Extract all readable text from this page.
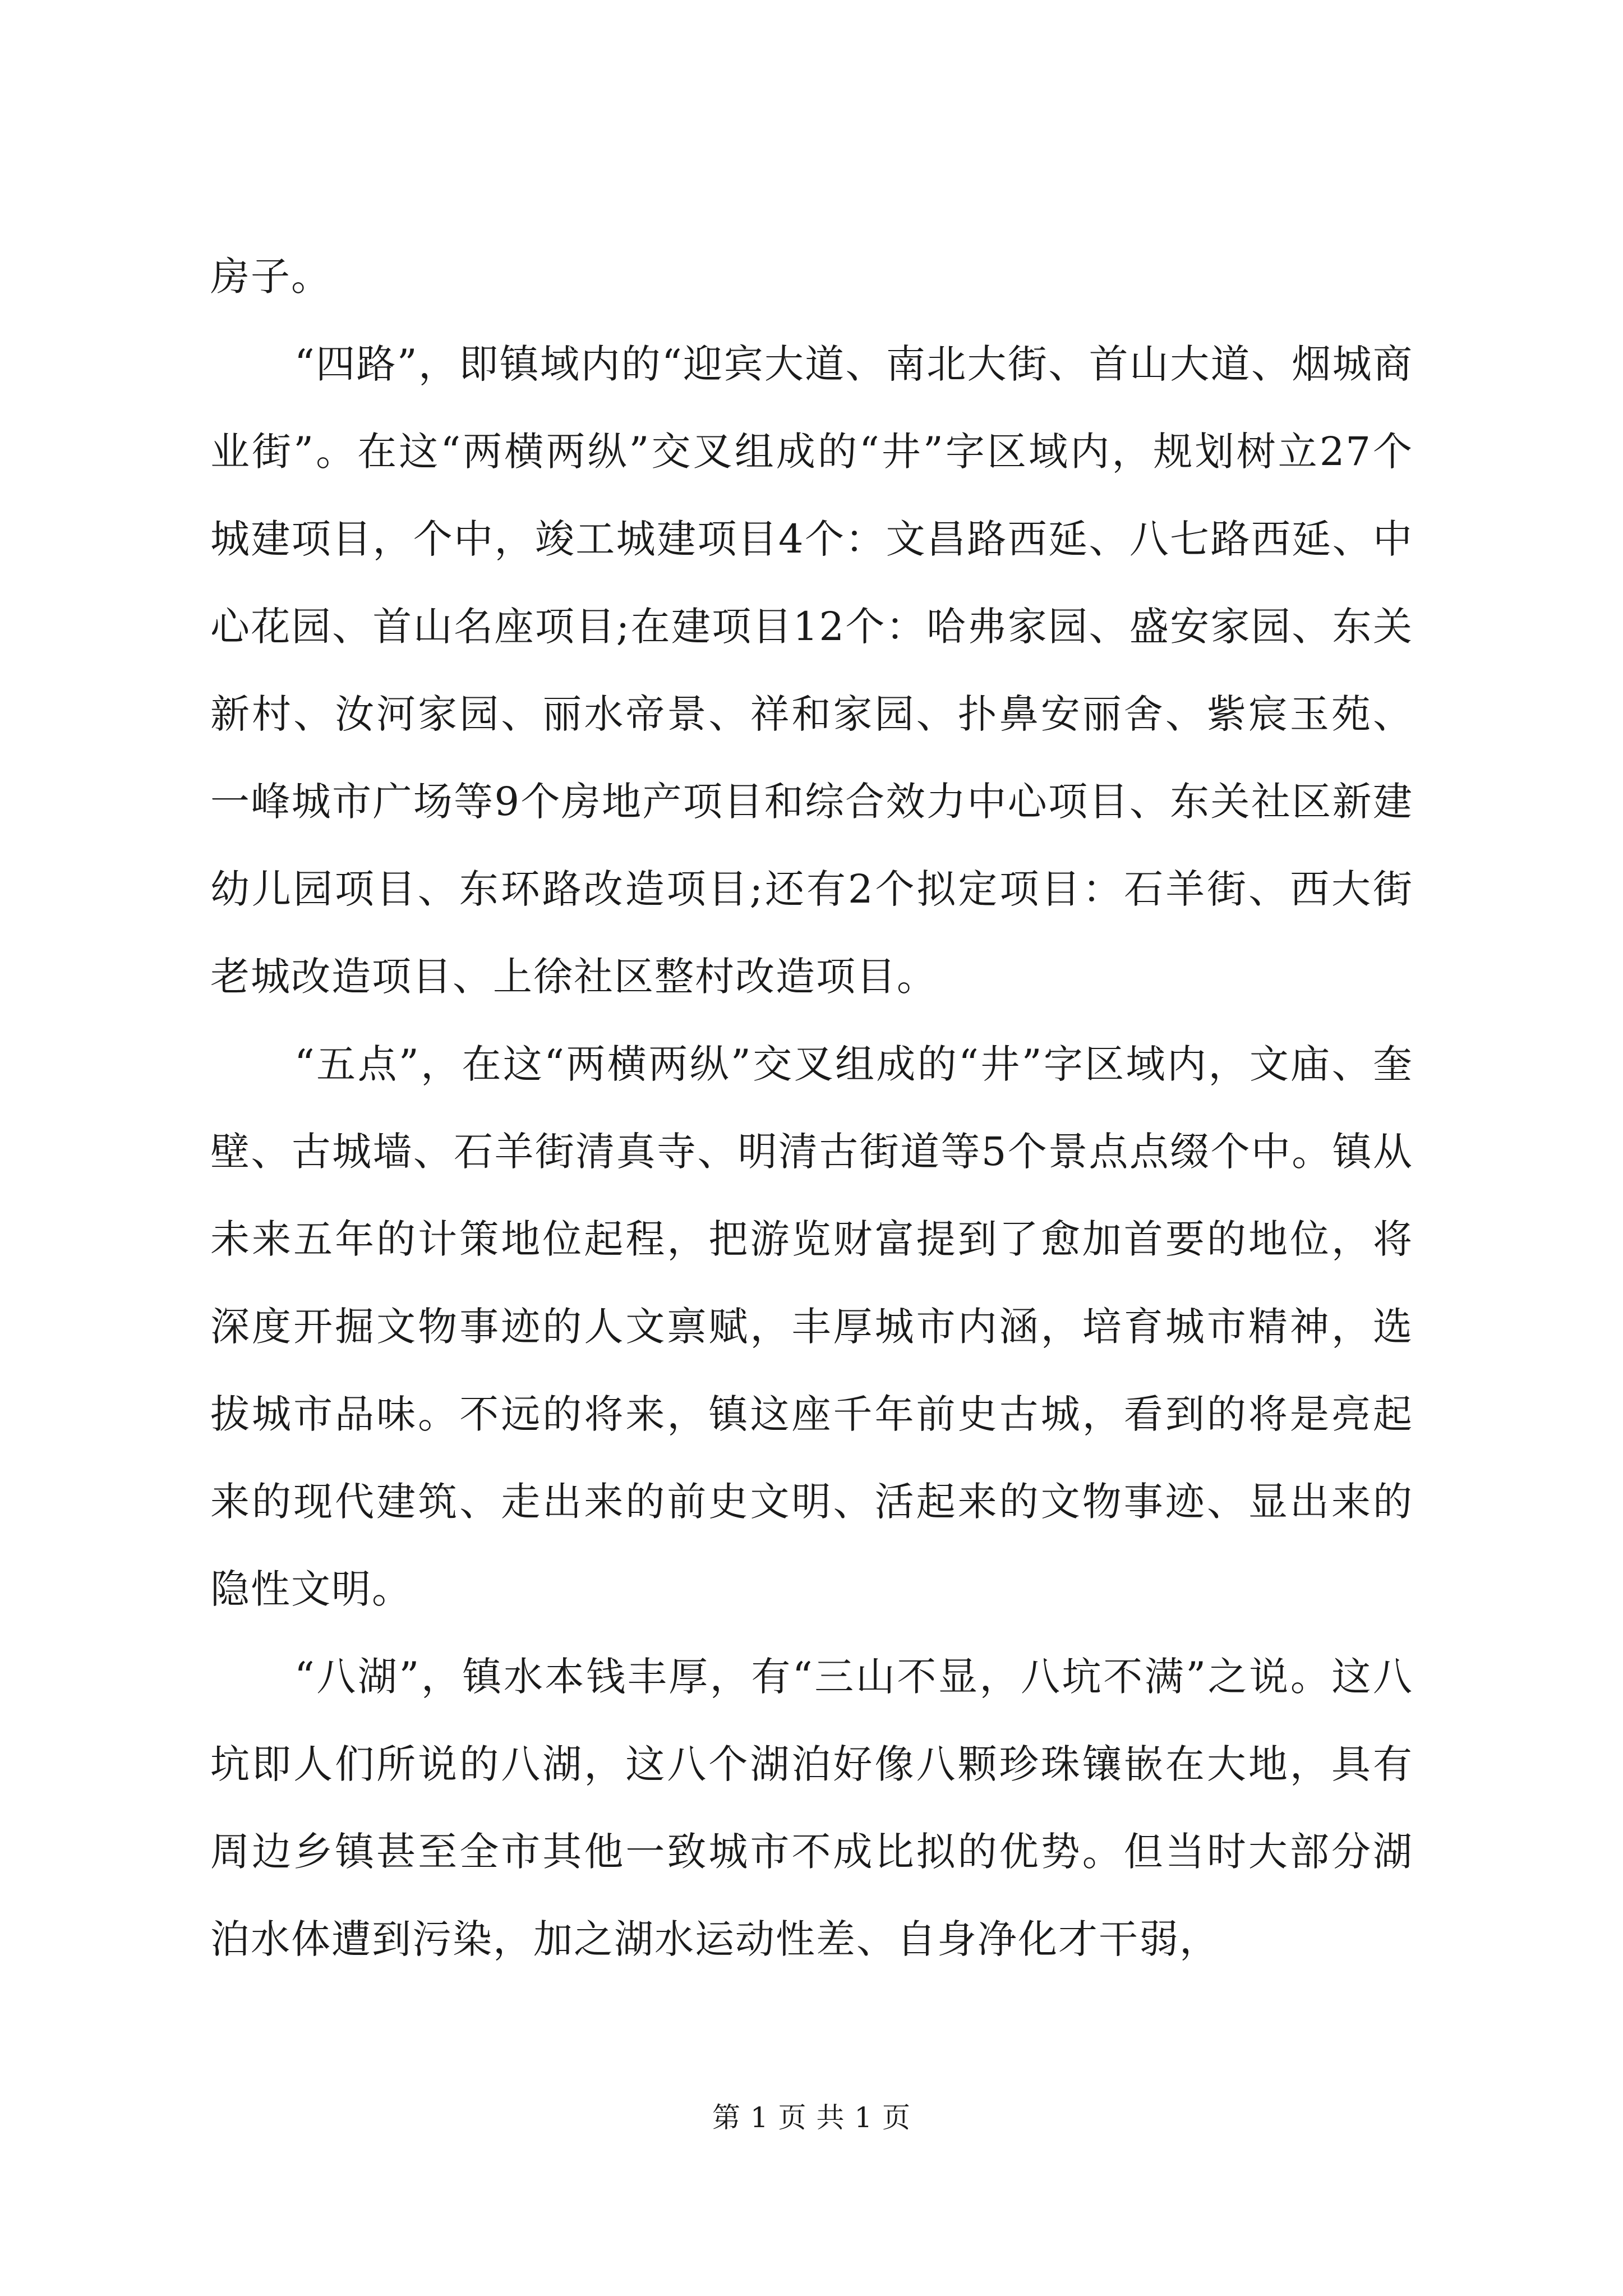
房子。

“四路”，即镇域内的“迎宾大道、南北大街、首山大道、烟城商业街”。在这“两横两纵”交叉组成的“井”字区域内，规划树立27个城建项目，个中，竣工城建项目4个：文昌路西延、八七路西延、中心花园、首山名座项目;在建项目12个：哈弗家园、盛安家园、东关新村、汝河家园、丽水帝景、祥和家园、扑鼻安丽舍、紫宸玉苑、一峰城市广场等9个房地产项目和综合效力中心项目、东关社区新建幼儿园项目、东环路改造项目;还有2个拟定项目：石羊街、西大街老城改造项目、上徐社区整村改造项目。

“五点”，在这“两横两纵”交叉组成的“井”字区域内，文庙、奎壁、古城墙、石羊街清真寺、明清古街道等5个景点点缀个中。镇从未来五年的计策地位起程，把游览财富提到了愈加首要的地位，将深度开掘文物事迹的人文禀赋，丰厚城市内涵，培育城市精神，选拔城市品味。不远的将来，镇这座千年前史古城，看到的将是亮起来的现代建筑、走出来的前史文明、活起来的文物事迹、显出来的隐性文明。

“八湖”，镇水本钱丰厚，有“三山不显，八坑不满”之说。这八坑即人们所说的八湖，这八个湖泊好像八颗珍珠镶嵌在大地，具有周边乡镇甚至全市其他一致城市不成比拟的优势。但当时大部分湖泊水体遭到污染，加之湖水运动性差、自身净化才干弱，

第 1 页 共 1 页
